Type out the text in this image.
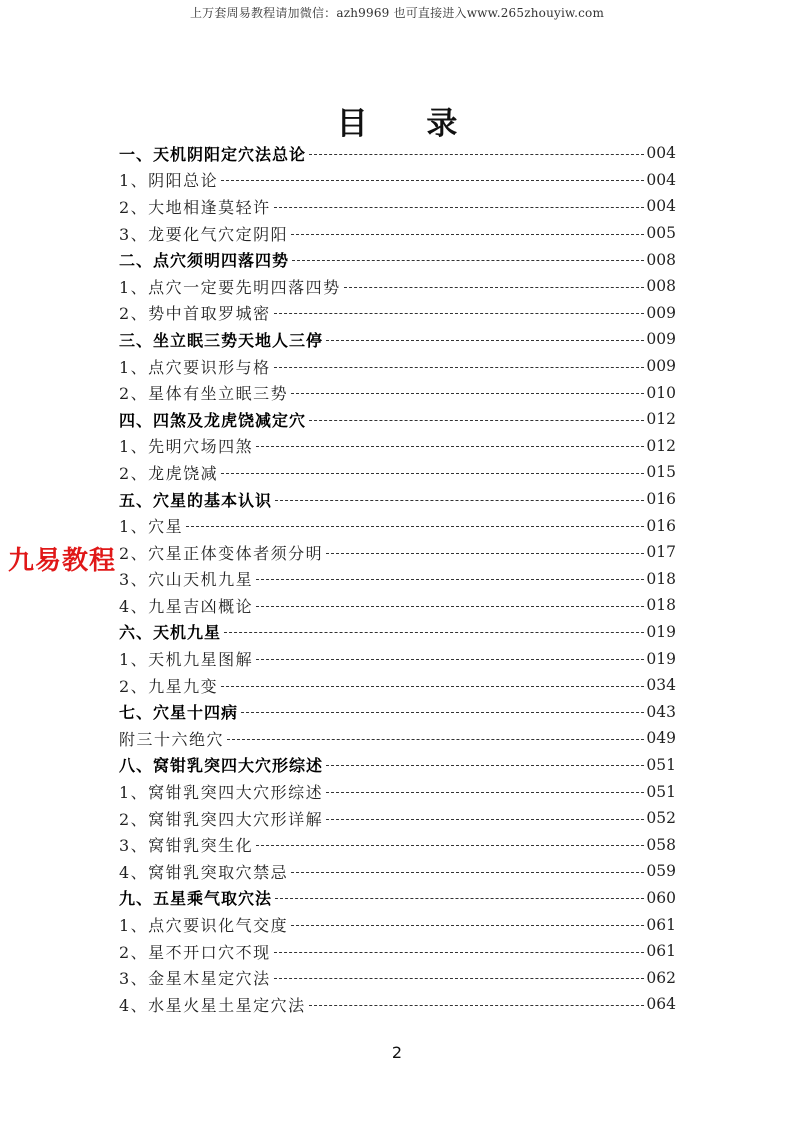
上万套周易教程请加微信：azh9969 也可直接进入www.265zhouyiw.com
目 录
一、天机阴阳定穴法总论	004
1、阴阳总论	004
2、大地相逢莫轻许	004
3、龙要化气穴定阴阳	005
二、点穴须明四落四势	008
1、点穴一定要先明四落四势	008
2、势中首取罗城密	009
三、坐立眠三势天地人三停	009
1、点穴要识形与格	009
2、星体有坐立眠三势	010
四、四煞及龙虎饶减定穴	012
1、先明穴场四煞	012
2、龙虎饶减	015
五、穴星的基本认识	016
1、穴星	016
2、穴星正体变体者须分明	017
3、穴山天机九星	018
4、九星吉凶概论	018
六、天机九星	019
1、天机九星图解	019
2、九星九变	034
七、穴星十四病	043
附三十六绝穴	049
八、窝钳乳突四大穴形综述	051
1、窝钳乳突四大穴形综述	051
2、窝钳乳突四大穴形详解	052
3、窝钳乳突生化	058
4、窝钳乳突取穴禁忌	059
九、五星乘气取穴法	060
1、点穴要识化气交度	061
2、星不开口穴不现	061
3、金星木星定穴法	062
4、水星火星土星定穴法	064
九易教程
2
